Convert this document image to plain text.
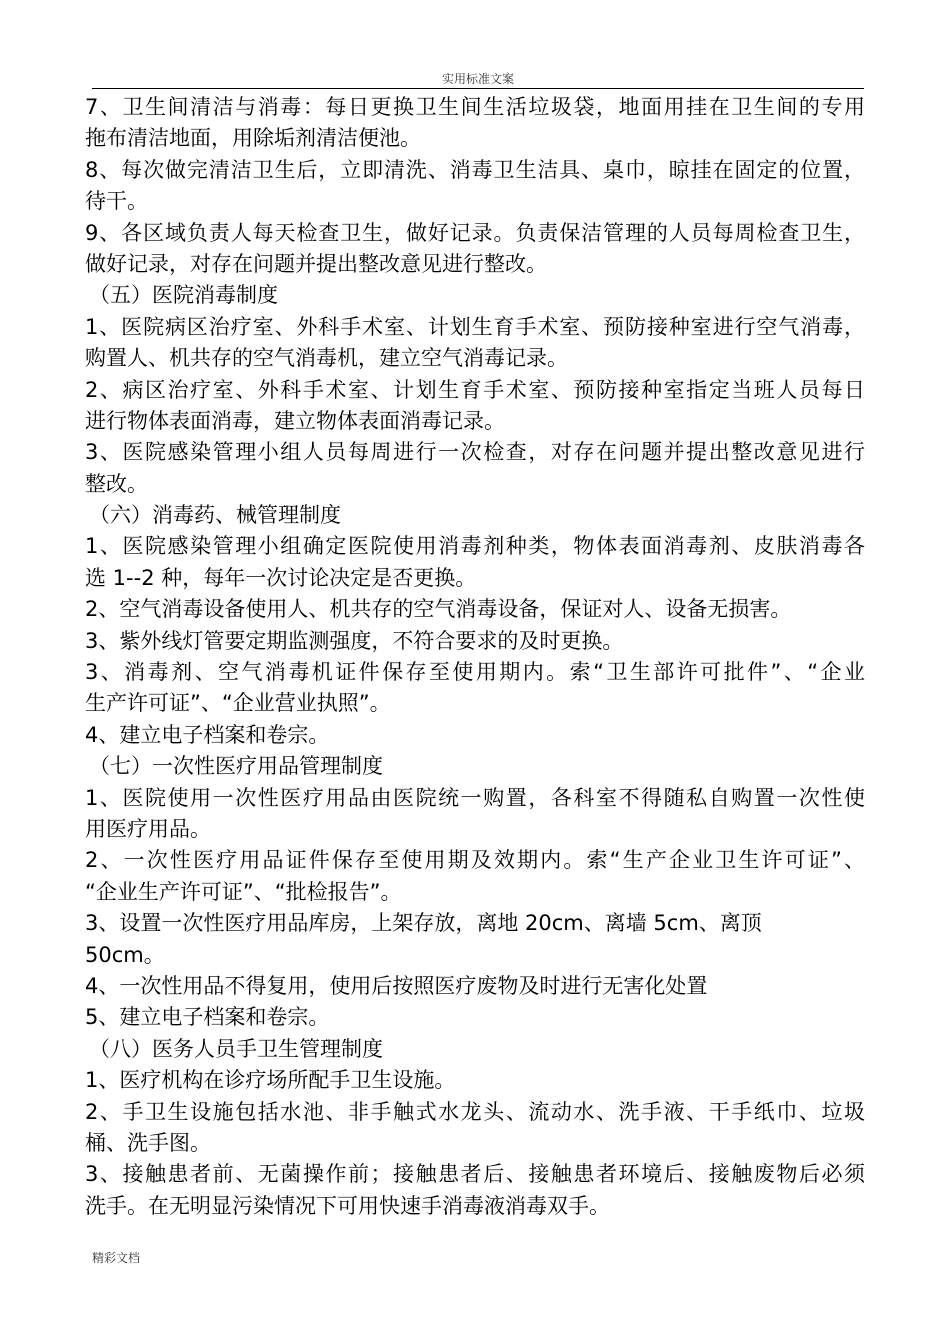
实用标准文案
7、卫生间清洁与消毒：每日更换卫生间生活垃圾袋，地面用挂在卫生间的专用
拖布清洁地面，用除垢剂清洁便池。
8、每次做完清洁卫生后，立即清洗、消毒卫生洁具、桌巾，晾挂在固定的位置，
待干。
9、各区域负责人每天检查卫生，做好记录。负责保洁管理的人员每周检查卫生，
做好记录，对存在问题并提出整改意见进行整改。
（五）医院消毒制度
1、医院病区治疗室、外科手术室、计划生育手术室、预防接种室进行空气消毒，
购置人、机共存的空气消毒机，建立空气消毒记录。
2、病区治疗室、外科手术室、计划生育手术室、预防接种室指定当班人员每日
进行物体表面消毒，建立物体表面消毒记录。
3、医院感染管理小组人员每周进行一次检查，对存在问题并提出整改意见进行
整改。
（六）消毒药、械管理制度
1、医院感染管理小组确定医院使用消毒剂种类，物体表面消毒剂、皮肤消毒各
选 1--2 种，每年一次讨论决定是否更换。
2、空气消毒设备使用人、机共存的空气消毒设备，保证对人、设备无损害。
3、紫外线灯管要定期监测强度，不符合要求的及时更换。
3、消毒剂、空气消毒机证件保存至使用期内。索“卫生部许可批件”、“企业
生产许可证”、“企业营业执照”。
4、建立电子档案和卷宗。
（七）一次性医疗用品管理制度
1、医院使用一次性医疗用品由医院统一购置，各科室不得随私自购置一次性使
用医疗用品。
2、一次性医疗用品证件保存至使用期及效期内。索“生产企业卫生许可证”、
“企业生产许可证”、“批检报告”。
3、设置一次性医疗用品库房，上架存放，离地 20cm、离墙 5cm、离顶
50cm。
4、一次性用品不得复用，使用后按照医疗废物及时进行无害化处置
5、建立电子档案和卷宗。
（八）医务人员手卫生管理制度
1、医疗机构在诊疗场所配手卫生设施。
2、手卫生设施包括水池、非手触式水龙头、流动水、洗手液、干手纸巾、垃圾
桶、洗手图。
3、接触患者前、无菌操作前；接触患者后、接触患者环境后、接触废物后必须
洗手。在无明显污染情况下可用快速手消毒液消毒双手。
精彩文档
